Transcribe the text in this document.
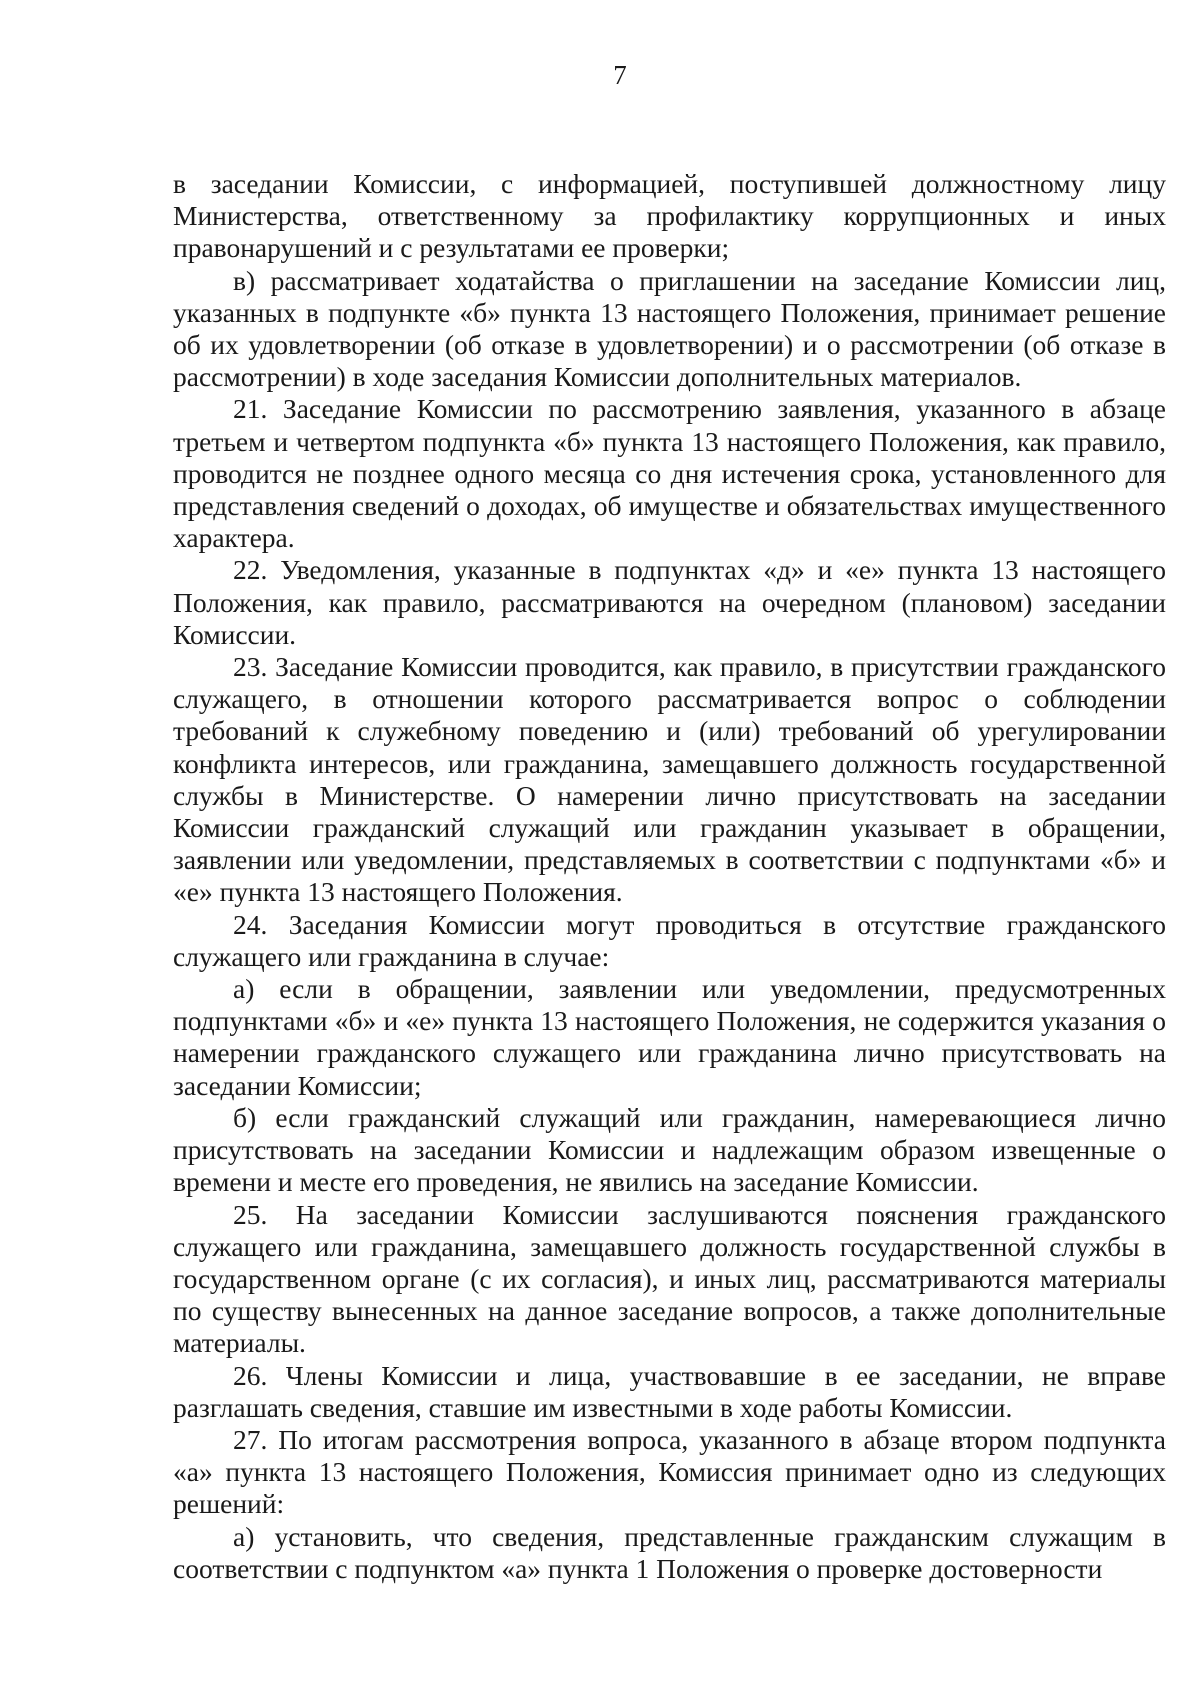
7

в заседании Комиссии, с информацией, поступившей должностному лицу Министерства, ответственному за профилактику коррупционных и иных правонарушений и с результатами ее проверки;

в) рассматривает ходатайства о приглашении на заседание Комиссии лиц, указанных в подпункте «б» пункта 13 настоящего Положения, принимает решение об их удовлетворении (об отказе в удовлетворении) и о рассмотрении (об отказе в рассмотрении) в ходе заседания Комиссии дополнительных материалов.

21. Заседание Комиссии по рассмотрению заявления, указанного в абзаце третьем и четвертом подпункта «б» пункта 13 настоящего Положения, как правило, проводится не позднее одного месяца со дня истечения срока, установленного для представления сведений о доходах, об имуществе и обязательствах имущественного характера.

22. Уведомления, указанные в подпунктах «д» и «е» пункта 13 настоящего Положения, как правило, рассматриваются на очередном (плановом) заседании Комиссии.

23. Заседание Комиссии проводится, как правило, в присутствии гражданского служащего, в отношении которого рассматривается вопрос о соблюдении требований к служебному поведению и (или) требований об урегулировании конфликта интересов, или гражданина, замещавшего должность государственной службы в Министерстве. О намерении лично присутствовать на заседании Комиссии гражданский служащий или гражданин указывает в обращении, заявлении или уведомлении, представляемых в соответствии с подпунктами «б» и «е» пункта 13 настоящего Положения.

24. Заседания Комиссии могут проводиться в отсутствие гражданского служащего или гражданина в случае:

а) если в обращении, заявлении или уведомлении, предусмотренных подпунктами «б» и «е» пункта 13 настоящего Положения, не содержится указания о намерении гражданского служащего или гражданина лично присутствовать на заседании Комиссии;

б) если гражданский служащий или гражданин, намеревающиеся лично присутствовать на заседании Комиссии и надлежащим образом извещенные о времени и месте его проведения, не явились на заседание Комиссии.

25. На заседании Комиссии заслушиваются пояснения гражданского служащего или гражданина, замещавшего должность государственной службы в государственном органе (с их согласия), и иных лиц, рассматриваются материалы по существу вынесенных на данное заседание вопросов, а также дополнительные материалы.

26. Члены Комиссии и лица, участвовавшие в ее заседании, не вправе разглашать сведения, ставшие им известными в ходе работы Комиссии.

27. По итогам рассмотрения вопроса, указанного в абзаце втором подпункта «а» пункта 13 настоящего Положения, Комиссия принимает одно из следующих решений:

а) установить, что сведения, представленные гражданским служащим в соответствии с подпунктом «а» пункта 1 Положения о проверке достоверности
